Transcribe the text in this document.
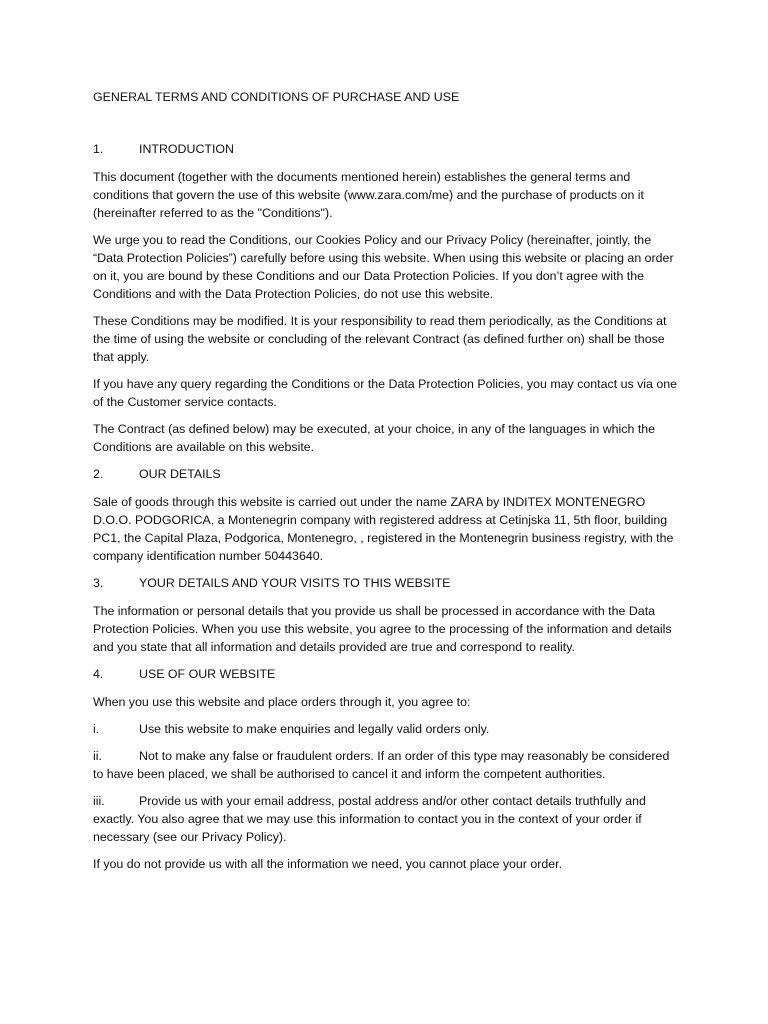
GENERAL TERMS AND CONDITIONS OF PURCHASE AND USE
1.	INTRODUCTION

This document (together with the documents mentioned herein) establishes the general terms and conditions that govern the use of this website (www.zara.com/me) and the purchase of products on it (hereinafter referred to as the "Conditions").

We urge you to read the Conditions, our Cookies Policy and our Privacy Policy (hereinafter, jointly, the “Data Protection Policies”) carefully before using this website. When using this website or placing an order on it, you are bound by these Conditions and our Data Protection Policies. If you don’t agree with the Conditions and with the Data Protection Policies, do not use this website.

These Conditions may be modified. It is your responsibility to read them periodically, as the Conditions at the time of using the website or concluding of the relevant Contract (as defined further on) shall be those that apply.

If you have any query regarding the Conditions or the Data Protection Policies, you may contact us via one of the Customer service contacts.

The Contract (as defined below) may be executed, at your choice, in any of the languages in which the Conditions are available on this website.

2.	OUR DETAILS

Sale of goods through this website is carried out under the name ZARA by INDITEX MONTENEGRO D.O.O. PODGORICA, a Montenegrin company with registered address at Cetinjska 11, 5th floor, building PC1, the Capital Plaza, Podgorica, Montenegro, , registered in the Montenegrin business registry, with the company identification number 50443640.

3.	YOUR DETAILS AND YOUR VISITS TO THIS WEBSITE

The information or personal details that you provide us shall be processed in accordance with the Data Protection Policies. When you use this website, you agree to the processing of the information and details and you state that all information and details provided are true and correspond to reality.

4.	USE OF OUR WEBSITE

When you use this website and place orders through it, you agree to:

i.	Use this website to make enquiries and legally valid orders only.

ii.	Not to make any false or fraudulent orders. If an order of this type may reasonably be considered to have been placed, we shall be authorised to cancel it and inform the competent authorities.

iii.	Provide us with your email address, postal address and/or other contact details truthfully and exactly. You also agree that we may use this information to contact you in the context of your order if necessary (see our Privacy Policy).

If you do not provide us with all the information we need, you cannot place your order.
